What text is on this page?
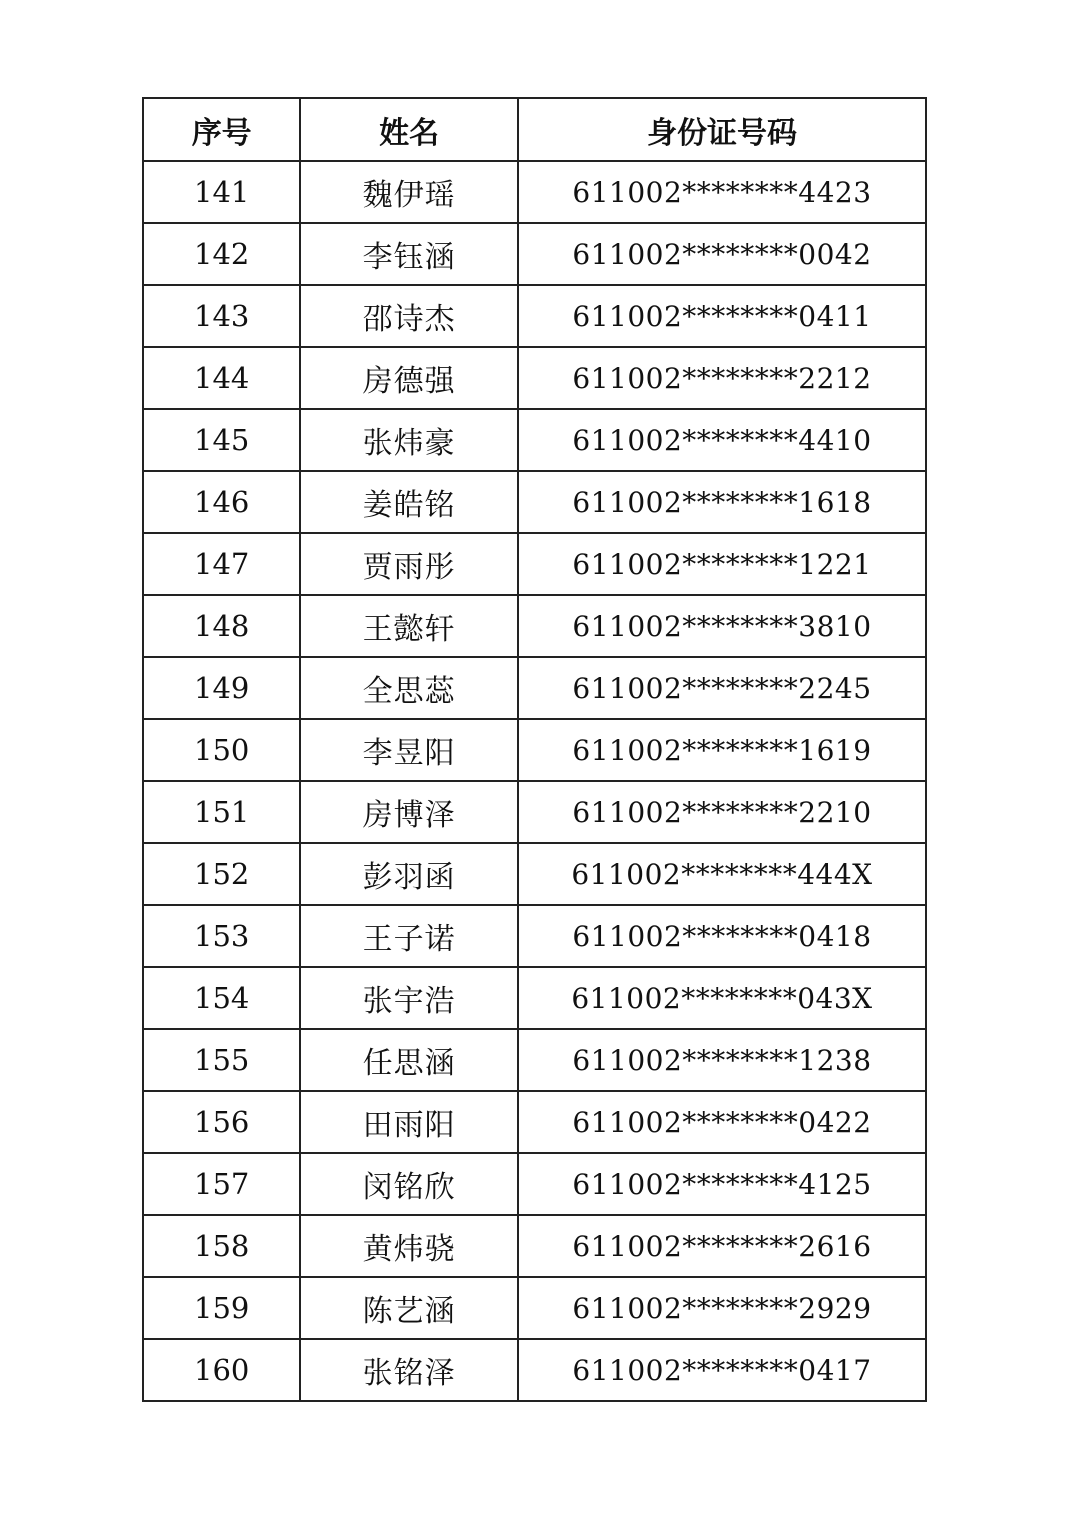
序号	姓名	身份证号码
141	魏伊瑶	611002********4423
142	李钰涵	611002********0042
143	邵诗杰	611002********0411
144	房德强	611002********2212
145	张炜豪	611002********4410
146	姜皓铭	611002********1618
147	贾雨彤	611002********1221
148	王懿轩	611002********3810
149	全思蕊	611002********2245
150	李昱阳	611002********1619
151	房博泽	611002********2210
152	彭羽函	611002********444X
153	王子诺	611002********0418
154	张宇浩	611002********043X
155	任思涵	611002********1238
156	田雨阳	611002********0422
157	闵铭欣	611002********4125
158	黄炜骁	611002********2616
159	陈艺涵	611002********2929
160	张铭泽	611002********0417
